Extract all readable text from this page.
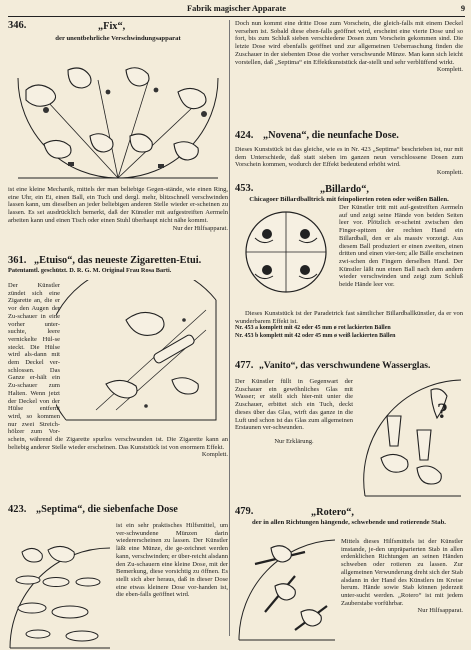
Fabrik magischer Apparate	9
346.	„Fix“,
der unentbehrliche Verschwindungsapparat

ist eine kleine Mechanik, mittels der man beliebige Gegen-stände, wie einen Ring, eine Uhr, ein Ei, einen Ball, ein Tuch und dergl. mehr, blitzschnell verschwinden lassen kann, um dieselben an jeder beliebigen anderen Stelle wieder er-scheinen zu lassen. Es sei ausdrücklich bemerkt, daß der Künstler mit aufgestreiften Aermeln arbeiten kann und einen Tisch oder einen Stuhl überhaupt nicht nähe kommt.

Nur der Hilfsapparat.
361. „Etuiso“, das neueste Zigaretten-Etui.
Patentamtl. geschützt. D. R. G. M. Original Frau Rosa Barti.

Der Künstler zündet sich eine Zigarette an, die er vor den Augen der Zu-schauer in eine vorher unter-suchte, leere vernickelte Hül-se steckt. Die Hülse wird als-dann mit dem Deckel ver-schlossen. Das Ganze er-hält ein Zu-schauer zum Halten. Wenn jetzt der Deckel von der Hülse entfernt wird, so kommen nur zwei Streich-hölzer zum Vor-schein, während die Zigarette spurlos verschwunden ist. Die Zigarette kann an beliebig anderer Stelle wieder erscheinen. Das Kunststück ist von enormem Effekt.

Komplett.
423. „Septima“, die siebenfache Dose

ist ein sehr praktisches Hilfsmittel, um ver-schwundene Münzen darin wiedererscheinen zu lassen. Der Künstler läßt eine Münze, die ge-zeichnet werden kann, verschwinden; er über-reicht alsdann den Zu-schauern eine kleine Dose, mit der Bemerkung, diese vorsichtig zu öffnen. Es stellt sich aber heraus, daß in dieser Dose eine etwas kleinere Dose vor-handen ist, die eben-falls geöffnet wird.

Doch nun kommt eine dritte Dose zum Vorschein, die gleich-falls mit einem Deckel versehen ist. Sobald diese eben-falls geöffnet wird, erscheint eine vierte Dose und so fort, bis zum Schluß sieben verschiedene Dosen zum Vorschein gekommen sind. Die letzte Dose wird ebenfalls geöffnet und zur allgemeinen Ueberraschung finden die Zuschauer in der siebenten Dose die vorher verschwunde Münze. Man kann sich leicht vorstellen, daß „Septima“ ein Effektkunststück dar-stellt und sehr verblüffend wirkt.

Komplett.
424. „Novena“, die neunfache Dose.

Dieses Kunststück ist das gleiche, wie es in Nr. 423 „Septima“ beschrieben ist, nur mit dem Unterschiede, daß statt sieben im ganzen neun verschlossene Dosen zum Vorschein kommen, wodurch der Effekt bedeutend erhöht wird.

Komplett.
453.	„Billardo“,
Chicagoer Billardballtrick mit feinpolierten roten oder weißen Bällen.

Der Künstler tritt mit auf-gestreiften Aermeln auf und zeigt seine Hände von beiden Seiten leer vor. Plötzlich er-scheint zwischen den Finger-spitzen der rechten Hand ein Billardball, den er als massiv vorzeigt. Aus diesem Ball produziert er einen zweiten, einen dritten und einen vier-ten; alle Bälle erscheinen zwi-schen den Fingern derselben Hand. Der Künstler läßt nun einen Ball nach dem andern wieder verschwinden und zeigt zum Schluß beide Hände leer vor.

Dieses Kunststück ist der Paradetrick fast sämtlicher Billardballkünstler, da er von wunderbarem Effekt ist.

Nr. 453 a komplett mit 42 oder 45 mm ø rot lackierten Bällen
Nr. 453 b komplett mit 42 oder 45 mm ø weiß lackierten Bällen
477. „Vanito“, das verschwundene Wasserglas.

Der Künstler füllt in Gegenwart der Zuschauer ein gewöhnliches Glas mit Wasser; er stellt sich hier-mit unter die Zuschauer, erbittet sich ein Tuch, deckt dieses über das Glas, wirft das ganze in die Luft und schon ist das Glas zum allgemeinen Erstaunen ver-schwunden.

Nur Erklärung.
?
479.	„Rotero“,
der in allen Richtungen hängende, schwebende und rotierende Stab.

Mittels dieses Hilfsmittels ist der Künstler imstande, je-den unpräparierten Stab in allen erdenklichen Richtungen an seinen Händen schweben oder rotieren zu lassen. Zur allgemeinen Verwunderung dreht sich der Stab alsdann in der Hand des Künstlers im Kreise herum. Hände sowie Stab können jederzeit unter-sucht werden. „Rotero“ ist mit jedem Zauberstabe vorführbar.

Nur Hilfsapparat.
